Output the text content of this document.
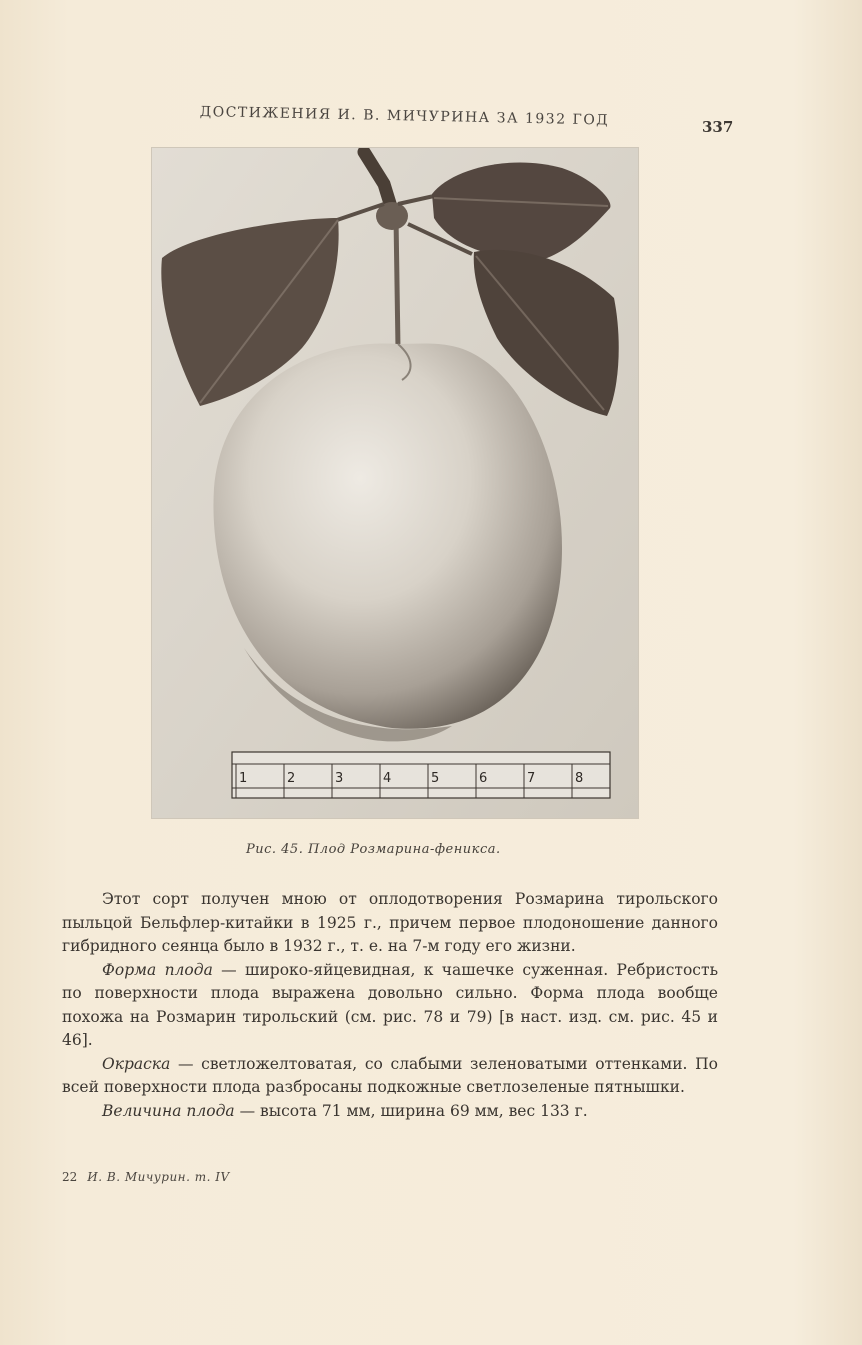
ДОСТИЖЕНИЯ И. В. МИЧУРИНА ЗА 1932 ГОД	337
1	2	3	4	5	6	7	8
Рис. 45. Плод Розмарина-феникса.

Этот сорт получен мною от оплодотворения Розмарина тирольского пыльцой Бельфлер-китайки в 1925 г., причем первое плодоношение данного гибридного сеянца было в 1932 г., т. е. на 7-м году его жизни.

Форма плода — широко-яйцевидная, к чашечке суженная. Ребристость по поверхности плода выражена довольно сильно. Форма плода вообще похожа на Розмарин тирольский (см. рис. 78 и 79) [в наст. изд. см. рис. 45 и 46].

Окраска — светложелтоватая, со слабыми зеленоватыми оттенками. По всей поверхности плода разбросаны подкожные светлозеленые пятнышки.

Величина плода — высота 71 мм, ширина 69 мм, вес 133 г.

22 И. В. Мичурин. т. IV
